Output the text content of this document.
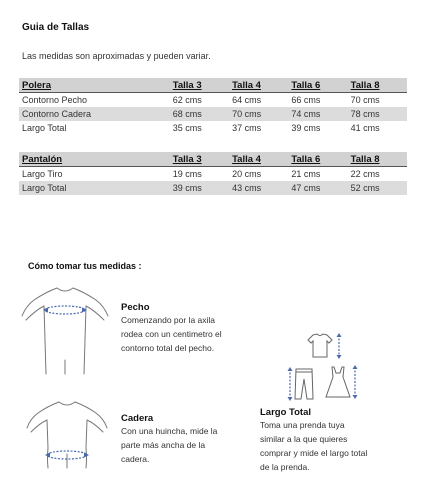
Guia de Tallas
Las medidas son aproximadas y pueden variar.
Polera	Talla 3	Talla 4	Talla 6	Talla 8
Contorno Pecho	62 cms	64 cms	66 cms	70 cms
Contorno Cadera	68 cms	70 cms	74 cms	78 cms
Largo Total	35 cms	37 cms	39 cms	41 cms
Pantalón	Talla 3	Talla 4	Talla 6	Talla 8
Largo Tiro	19 cms	20 cms	21 cms	22 cms
Largo Total	39 cms	43 cms	47 cms	52 cms
Cómo tomar tus medidas :
Pecho
Comenzando por la axila
rodea con un centimetro el
contorno total del pecho.
Cadera
Con una huincha, mide la
parte más ancha de la
cadera.
Largo Total
Toma una prenda tuya
similar a la que quieres
comprar y mide el largo total
de la prenda.
